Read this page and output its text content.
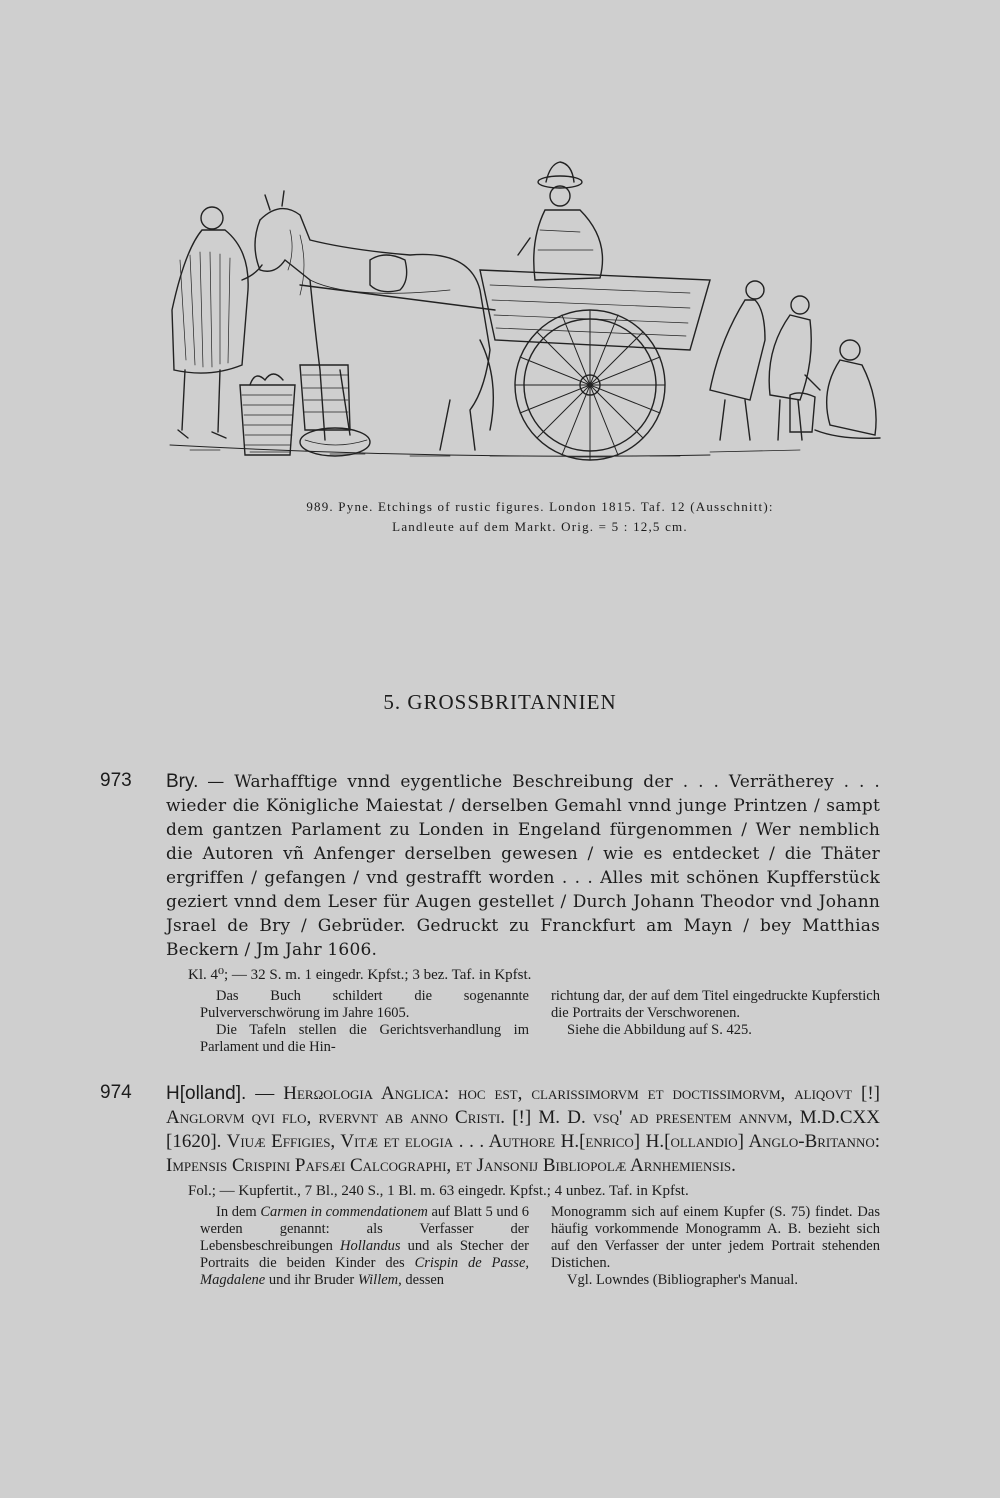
989. Pyne. Etchings of rustic figures. London 1815. Taf. 12 (Ausschnitt):
Landleute auf dem Markt. Orig. = 5 : 12,5 cm.
5. GROSSBRITANNIEN
973 Bry. — Warhafftige vnnd eygentliche Beschreibung der . . . Verrätherey . . . wieder die Königliche Maiestat / derselben Gemahl vnnd junge Printzen / sampt dem gantzen Parlament zu Londen in Engeland fürgenommen / Wer nemblich die Autoren vñ Anfenger derselben gewesen / wie es entdecket / die Thäter ergriffen / gefangen / vnd gestrafft worden . . . Alles mit schönen Kupfferstück geziert vnnd dem Leser für Augen gestellet / Durch Johann Theodor vnd Johann Jsrael de Bry / Gebrüder. Gedruckt zu Franckfurt am Mayn / bey Matthias Beckern / Jm Jahr 1606.
Kl. 4⁰; — 32 S. m. 1 eingedr. Kpfst.; 3 bez. Taf. in Kpfst.

Das Buch schildert die sogenannte Pulververschwörung im Jahre 1605.

Die Tafeln stellen die Gerichtsverhandlung im Parlament und die Hin-

richtung dar, der auf dem Titel eingedruckte Kupferstich die Portraits der Verschworenen.

Siehe die Abbildung auf S. 425.

974 H[olland]. — Herωologia Anglica: hoc est, clarissimorvm et doctissimorvm, aliqovt [!] Anglorvm qvi flo, rvervnt ab anno Cristi. [!] M. D. vsq' ad presentem annvm, M.D.CXX [1620]. Viuæ Effigies, Vitæ et elogia . . . Authore H.[enrico] H.[ollandio] Anglo-Britanno: Impensis Crispini Pafsæi Calcographi, et Jansonij Bibliopolæ Arnhemiensis.
Fol.; — Kupfertit., 7 Bl., 240 S., 1 Bl. m. 63 eingedr. Kpfst.; 4 unbez. Taf. in Kpfst.

In dem Carmen in commendationem auf Blatt 5 und 6 werden genannt: als Verfasser der Lebensbeschreibungen Hollandus und als Stecher der Portraits die beiden Kinder des Crispin de Passe, Magdalene und ihr Bruder Willem, dessen

Monogramm sich auf einem Kupfer (S. 75) findet. Das häufig vorkommende Monogramm A. B. bezieht sich auf den Verfasser der unter jedem Portrait stehenden Distichen.

Vgl. Lowndes (Bibliographer's Manual.
